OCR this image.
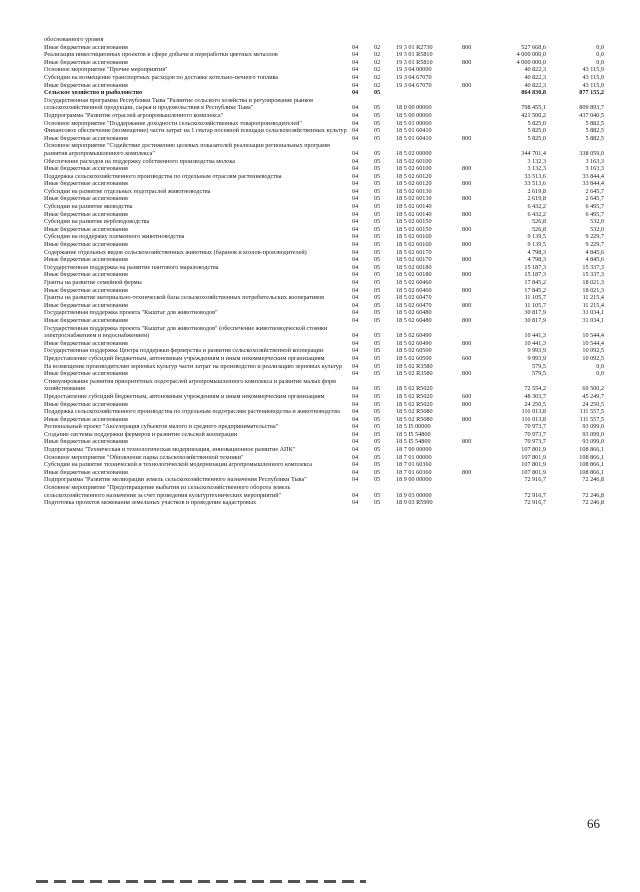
обоснованного уровня						
Иные бюджетные ассигнования	04	02	19 3 01 R2730	800	527 668,6	0,0
Реализация инвестиционных проектов в сфере добычи и переработки цветных металлов	04	02	19 3 01 R5810		4 000 000,0	0,0
Иные бюджетные ассигнования	04	02	19 3 01 R5810	800	4 000 000,0	0,0
Основное мероприятие "Прочие мероприятия"	04	02	19 3 04 00000		40 822,3	43 115,9
Субсидии на возмещение транспортных расходов по доставке котельно-печного топлива	04	02	19 3 04 67070		40 822,3	43 115,9
Иные бюджетные ассигнования	04	02	19 3 04 67070	800	40 822,3	43 115,9
Сельское хозяйство и рыболовство	04	05			864 830,8	877 155,2
Государственная программа Республики Тыва "Развитие сельского хозяйства и регулирование рынков сельскохозяйственной продукции, сырья и продовольствия в Республике Тыва"	04	05	18 0 00 00000		798 455,1	809 893,7
Подпрограмма "Развитие отраслей агропромышленного комплекса"	04	05	18 5 00 00000		421 500,2	437 040,5
Основное мероприятие "Поддержание доходности сельскохозяйственных товаропроизводителей"	04	05	18 5 01 00000		5 825,0	5 882,5
Финансовое обеспечение (возмещение) части затрат на 1 гектар посевной площади сельскохозяйственных культур	04	05	18 5 01 60410		5 825,0	5 882,5
Иные бюджетные ассигнования	04	05	18 5 01 60410	800	5 825,0	5 882,5
Основное мероприятие "Содействие достижению целевых показателей реализации региональных программ развития агропромышленного комплекса"	04	05	18 5 02 00000		344 701,4	338 059,0
Обеспечение расходов на поддержку собственного производства молока	04	05	18 5 02 60100		3 132,3	3 163,3
Иные бюджетные ассигнования	04	05	18 5 02 60100	800	3 132,3	3 163,3
Поддержка сельскохозяйственного производства по отдельным отраслям растениеводства	04	05	18 5 02 60120		33 513,6	33 844,4
Иные бюджетные ассигнования	04	05	18 5 02 60120	800	33 513,6	33 844,4
Субсидии на развитие отдельных подотраслей животноводства	04	05	18 5 02 60130		2 619,8	2 645,7
Иные бюджетные ассигнования	04	05	18 5 02 60130	800	2 619,8	2 645,7
Субсидии на развитие яководства	04	05	18 5 02 60140		6 432,2	6 495,7
Иные бюджетные ассигнования	04	05	18 5 02 60140	800	6 432,2	6 495,7
Субсидии на развитие верблюдоводства	04	05	18 5 02 60150		526,8	532,0
Иные бюджетные ассигнования	04	05	18 5 02 60150	800	526,8	532,0
Субсидии на поддержку племенного животноводства	04	05	18 5 02 60160		9 139,5	9 229,7
Иные бюджетные ассигнования	04	05	18 5 02 60160	800	9 139,5	9 229,7
Содержание отдельных видов сельскохозяйственных животных (баранов и козлов-производителей)	04	05	18 5 02 60170		4 798,3	4 845,6
Иные бюджетные ассигнования	04	05	18 5 02 60170	800	4 798,3	4 845,6
Государственная поддержка на развитие пантового мараловодства	04	05	18 5 02 60180		15 187,3	15 337,3
Иные бюджетные ассигнования	04	05	18 5 02 60180	800	15 187,3	15 337,3
Гранты на развитие семейной фермы	04	05	18 5 02 60460		17 845,2	18 021,3
Иные бюджетные ассигнования	04	05	18 5 02 60460	800	17 845,2	18 021,3
Гранты на развитие материально-технической базы сельскохозяйственных потребительских кооперативов	04	05	18 5 02 60470		11 105,7	11 215,4
Иные бюджетные ассигнования	04	05	18 5 02 60470	800	11 105,7	11 215,4
Государственная поддержка проекта "Кыштаг для животноводов"	04	05	18 5 02 60480		30 817,9	31 034,1
Иные бюджетные ассигнования	04	05	18 5 02 60480	800	30 817,9	31 034,1
Государственная поддержка проекта "Кыштаг для животноводов" (обеспечение животноводческой стоянки электроснабжением и водоснабжением)	04	05	18 5 02 60490		10 441,3	10 544,4
Иные бюджетные ассигнования	04	05	18 5 02 60490	800	10 441,3	10 544,4
Государственная поддержка Центра поддержки фермерства и развития сельскохозяйственной кооперации	04	05	18 5 02 60500		9 993,9	10 092,5
Предоставление субсидий бюджетным, автономным учреждениям и иным некоммерческим организациям	04	05	18 5 02 60500	600	9 993,9	10 092,5
На возмещение производителям зерновых культур части затрат на производство и реализацию зерновых культур	04	05	18 5 02 R3580		579,5	0,0
Иные бюджетные ассигнования	04	05	18 5 02 R3580	800	579,5	0,0
Стимулирование развития приоритетных подотраслей агропромышленного комплекса и развитие малых форм хозяйствования	04	05	18 5 02 R5020		72 554,2	69 500,2
Предоставление субсидий бюджетным, автономным учреждениям и иным некоммерческим организациям	04	05	18 5 02 R5020	600	48 303,7	45 249,7
Иные бюджетные ассигнования	04	05	18 5 02 R5020	800	24 250,5	24 250,5
Поддержка сельскохозяйственного производства по отдельным подотраслям растениеводства и животноводства	04	05	18 5 02 R5080		116 013,8	111 557,5
Иные бюджетные ассигнования	04	05	18 5 02 R5080	800	116 013,8	111 557,5
Региональный проект "Акселерация субъектов малого и среднего предпринимательства"	04	05	18 5 I5 00000		70 973,7	93 099,0
Создание системы поддержки фермеров и развитие сельской кооперации	04	05	18 5 I5 54800		70 973,7	93 099,0
Иные бюджетные ассигнования	04	05	18 5 I5 54800	800	70 973,7	93 099,0
Подпрограмма "Техническая и технологическая модернизация, инновационное развитие АПК"	04	05	18 7 00 00000		107 801,9	108 866,1
Основное мероприятие "Обновление парка сельскохозяйственной техники"	04	05	18 7 01 00000		107 801,9	108 866,1
Субсидии на развитие технической и технологической модернизации агропромышленного комплекса	04	05	18 7 01 60360		107 801,9	108 866,1
Иные бюджетные ассигнования	04	05	18 7 01 60360	800	107 801,9	108 866,1
Подпрограмма "Развитие мелиорации земель сельскохозяйственного назначения Республики Тыва"	04	05	18 9 00 00000		72 916,7	72 246,8
Основное мероприятие "Предотвращение выбытия из сельскохозяйственного оборота земель сельскохозяйственного назначения за счет проведения культуртехнических мероприятий"	04	05	18 9 03 00000		72 916,7	72 246,8
Подготовка проектов межевания земельных участков и проведение кадастровых	04	05	18 9 03 R5990		72 916,7	72 246,8
66
